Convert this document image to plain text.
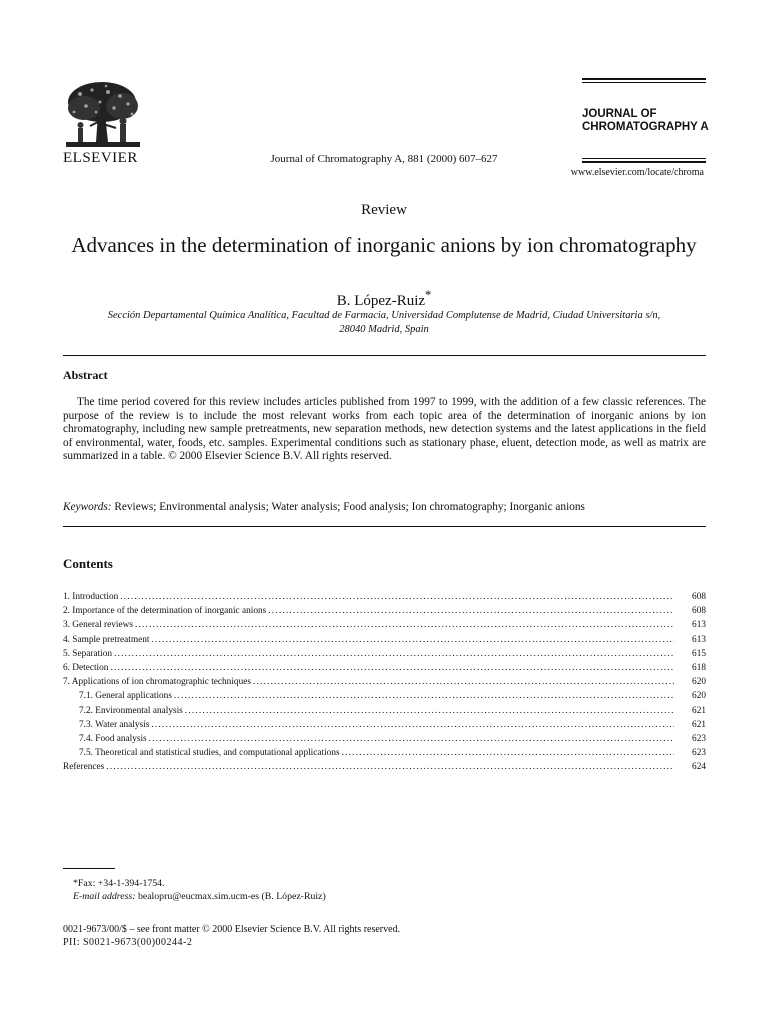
ELSEVIER	Journal of Chromatography A, 881 (2000) 607–627
JOURNAL OF
CHROMATOGRAPHY A
www.elsevier.com/locate/chroma
Review
Advances in the determination of inorganic anions by ion chromatography
B. López-Ruiz*
Sección Departamental Química Analítica, Facultad de Farmacia, Universidad Complutense de Madrid, Ciudad Universitaria s/n,
28040 Madrid, Spain
Abstract

The time period covered for this review includes articles published from 1997 to 1999, with the addition of a few classic references. The purpose of the review is to include the most relevant works from each topic area of the determination of inorganic anions by ion chromatography, including new sample pretreatments, new separation methods, new detection systems and the latest applications in the field of environmental, water, foods, etc. samples. Experimental conditions such as stationary phase, eluent, detection mode, as well as matrix are summarized in a table. © 2000 Elsevier Science B.V. All rights reserved.

Keywords: Reviews; Environmental analysis; Water analysis; Food analysis; Ion chromatography; Inorganic anions
Contents
1. Introduction .....	608
2. Importance of the determination of inorganic anions .....	608
3. General reviews .....	613
4. Sample pretreatment .....	613
5. Separation .....	615
6. Detection .....	618
7. Applications of ion chromatographic techniques .....	620
7.1. General applications .....	620
7.2. Environmental analysis .....	621
7.3. Water analysis .....	621
7.4. Food analysis .....	623
7.5. Theoretical and statistical studies, and computational applications .....	623
References .....	624
*Fax: +34-1-394-1754.
E-mail address: bealopru@eucmax.sim.ucm-es (B. López-Ruiz)
0021-9673/00/$ – see front matter © 2000 Elsevier Science B.V. All rights reserved.
PII: S0021-9673(00)00244-2
